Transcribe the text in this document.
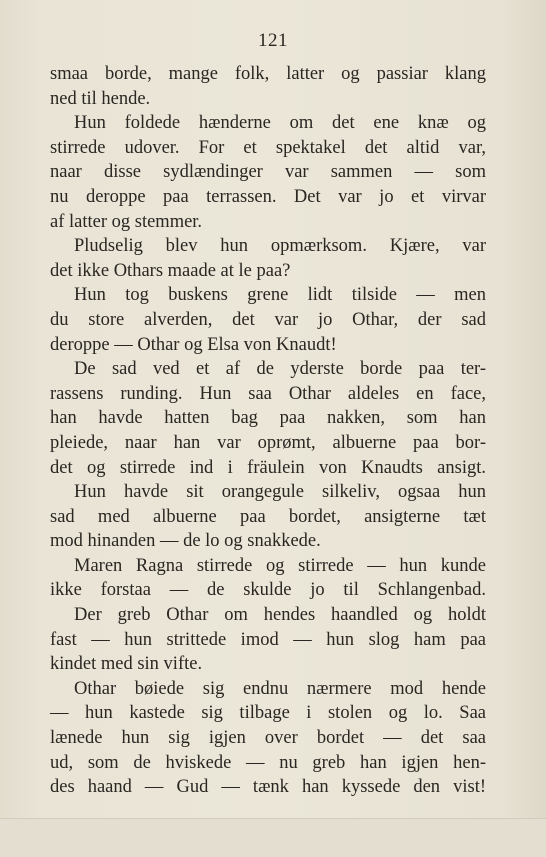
121
smaa borde, mange folk, latter og passiar klang
ned til hende.
Hun foldede hænderne om det ene knæ og
stirrede udover. For et spektakel det altid var,
naar disse sydlændinger var sammen — som
nu deroppe paa terrassen. Det var jo et virvar
af latter og stemmer.
Pludselig blev hun opmærksom. Kjære, var
det ikke Othars maade at le paa?
Hun tog buskens grene lidt tilside — men
du store alverden, det var jo Othar, der sad
deroppe — Othar og Elsa von Knaudt!
De sad ved et af de yderste borde paa ter-
rassens runding. Hun saa Othar aldeles en face,
han havde hatten bag paa nakken, som han
pleiede, naar han var oprømt, albuerne paa bor-
det og stirrede ind i fräulein von Knaudts ansigt.
Hun havde sit orangegule silkeliv, ogsaa hun
sad med albuerne paa bordet, ansigterne tæt
mod hinanden — de lo og snakkede.
Maren Ragna stirrede og stirrede — hun kunde
ikke forstaa — de skulde jo til Schlangenbad.
Der greb Othar om hendes haandled og holdt
fast — hun strittede imod — hun slog ham paa
kindet med sin vifte.
Othar bøiede sig endnu nærmere mod hende
— hun kastede sig tilbage i stolen og lo. Saa
lænede hun sig igjen over bordet — det saa
ud, som de hviskede — nu greb han igjen hen-
des haand — Gud — tænk han kyssede den vist!
